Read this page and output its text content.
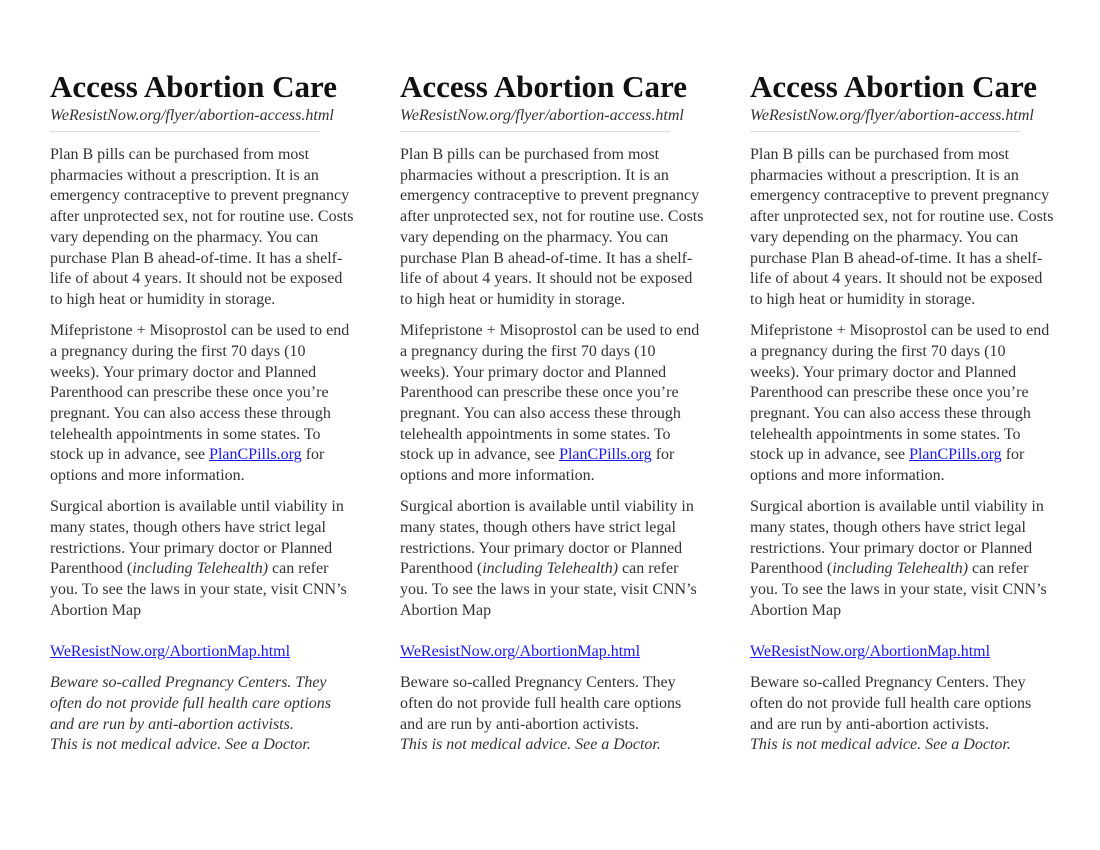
Access Abortion Care
WeResistNow.org/flyer/abortion-access.html

Plan B pills can be purchased from most pharmacies without a prescription. It is an emergency contraceptive to prevent pregnancy after unprotected sex, not for routine use. Costs vary depending on the pharmacy. You can purchase Plan B ahead-of-time. It has a shelf-life of about 4 years. It should not be exposed to high heat or humidity in storage.

Mifepristone + Misoprostol can be used to end a pregnancy during the first 70 days (10 weeks). Your primary doctor and Planned Parenthood can prescribe these once you’re pregnant. You can also access these through telehealth appointments in some states. To stock up in advance, see PlanCPills.org for options and more information.

Surgical abortion is available until viability in many states, though others have strict legal restrictions. Your primary doctor or Planned Parenthood (including Telehealth) can refer you. To see the laws in your state, visit CNN’s Abortion Map

WeResistNow.org/AbortionMap.html

Beware so-called Pregnancy Centers. They often do not provide full health care options and are run by anti-abortion activists.
This is not medical advice. See a Doctor.

Access Abortion Care
WeResistNow.org/flyer/abortion-access.html

Plan B pills can be purchased from most pharmacies without a prescription. It is an emergency contraceptive to prevent pregnancy after unprotected sex, not for routine use. Costs vary depending on the pharmacy. You can purchase Plan B ahead-of-time. It has a shelf-life of about 4 years. It should not be exposed to high heat or humidity in storage.

Mifepristone + Misoprostol can be used to end a pregnancy during the first 70 days (10 weeks). Your primary doctor and Planned Parenthood can prescribe these once you’re pregnant. You can also access these through telehealth appointments in some states. To stock up in advance, see PlanCPills.org for options and more information.

Surgical abortion is available until viability in many states, though others have strict legal restrictions. Your primary doctor or Planned Parenthood (including Telehealth) can refer you. To see the laws in your state, visit CNN’s Abortion Map

WeResistNow.org/AbortionMap.html

Beware so-called Pregnancy Centers. They often do not provide full health care options and are run by anti-abortion activists.
This is not medical advice. See a Doctor.

Access Abortion Care
WeResistNow.org/flyer/abortion-access.html

Plan B pills can be purchased from most pharmacies without a prescription. It is an emergency contraceptive to prevent pregnancy after unprotected sex, not for routine use. Costs vary depending on the pharmacy. You can purchase Plan B ahead-of-time. It has a shelf-life of about 4 years. It should not be exposed to high heat or humidity in storage.

Mifepristone + Misoprostol can be used to end a pregnancy during the first 70 days (10 weeks). Your primary doctor and Planned Parenthood can prescribe these once you’re pregnant. You can also access these through telehealth appointments in some states. To stock up in advance, see PlanCPills.org for options and more information.

Surgical abortion is available until viability in many states, though others have strict legal restrictions. Your primary doctor or Planned Parenthood (including Telehealth) can refer you. To see the laws in your state, visit CNN’s Abortion Map

WeResistNow.org/AbortionMap.html

Beware so-called Pregnancy Centers. They often do not provide full health care options and are run by anti-abortion activists.
This is not medical advice. See a Doctor.
